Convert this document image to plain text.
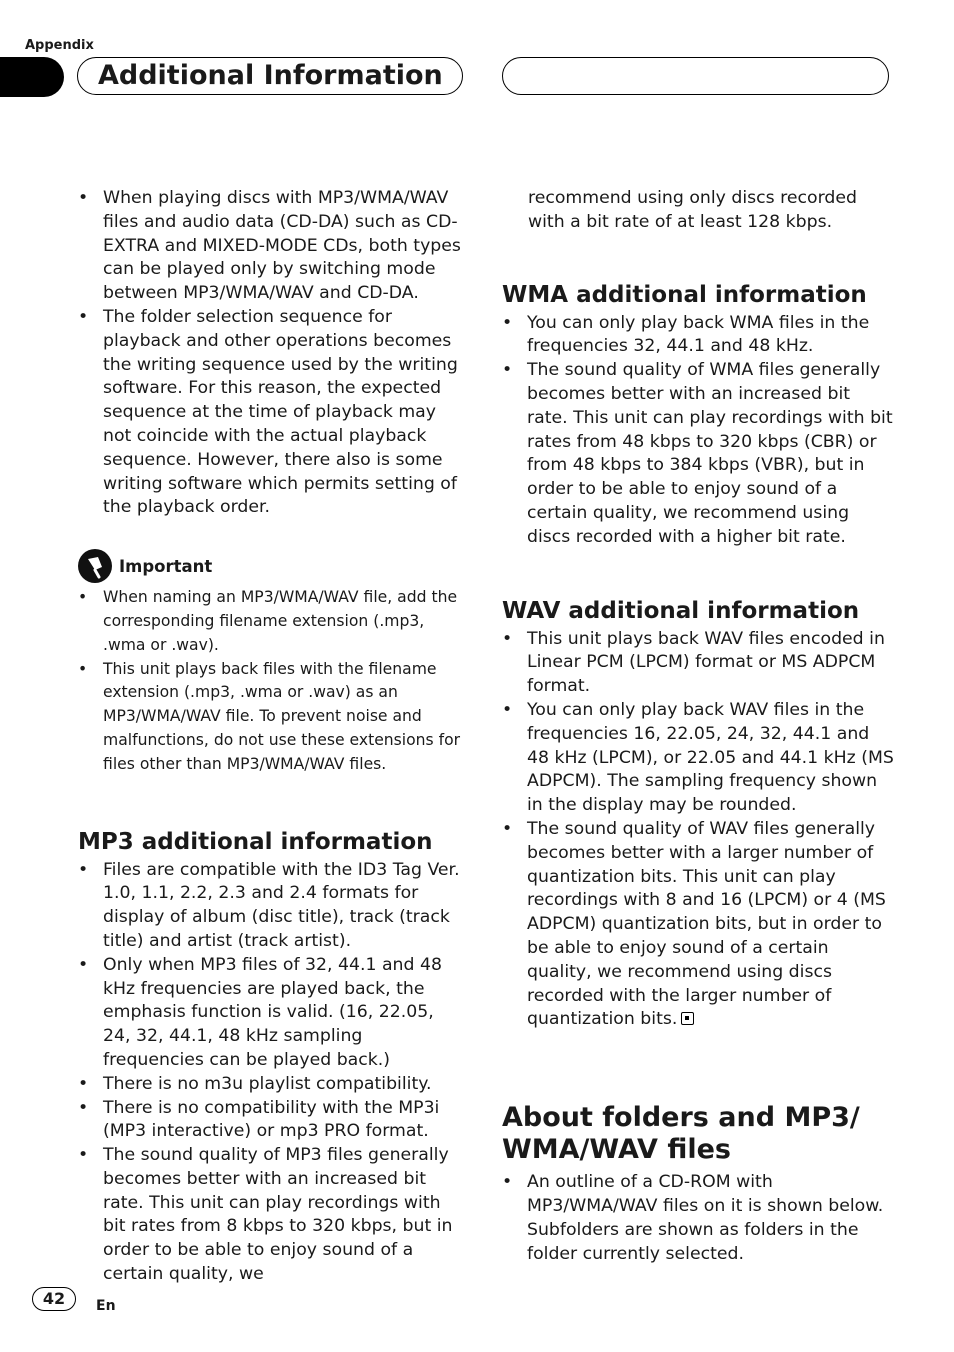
Appendix
Additional Information
• When playing discs with MP3/WMA/WAV files and audio data (CD-DA) such as CD-EXTRA and MIXED-MODE CDs, both types can be played only by switching mode between MP3/WMA/WAV and CD-DA.
• The folder selection sequence for playback and other operations becomes the writing sequence used by the writing software. For this reason, the expected sequence at the time of playback may not coincide with the actual playback sequence. However, there also is some writing software which permits setting of the playback order.
Important
• When naming an MP3/WMA/WAV file, add the corresponding filename extension (.mp3, .wma or .wav).
• This unit plays back files with the filename extension (.mp3, .wma or .wav) as an MP3/WMA/WAV file. To prevent noise and malfunctions, do not use these extensions for files other than MP3/WMA/WAV files.
MP3 additional information
• Files are compatible with the ID3 Tag Ver. 1.0, 1.1, 2.2, 2.3 and 2.4 formats for display of album (disc title), track (track title) and artist (track artist).
• Only when MP3 files of 32, 44.1 and 48 kHz frequencies are played back, the emphasis function is valid. (16, 22.05, 24, 32, 44.1, 48 kHz sampling frequencies can be played back.)
• There is no m3u playlist compatibility.
• There is no compatibility with the MP3i (MP3 interactive) or mp3 PRO format.
• The sound quality of MP3 files generally becomes better with an increased bit rate. This unit can play recordings with bit rates from 8 kbps to 320 kbps, but in order to be able to enjoy sound of a certain quality, we

recommend using only discs recorded with a bit rate of at least 128 kbps.

WMA additional information
• You can only play back WMA files in the frequencies 32, 44.1 and 48 kHz.
• The sound quality of WMA files generally becomes better with an increased bit rate. This unit can play recordings with bit rates from 48 kbps to 320 kbps (CBR) or from 48 kbps to 384 kbps (VBR), but in order to be able to enjoy sound of a certain quality, we recommend using discs recorded with a higher bit rate.
WAV additional information
• This unit plays back WAV files encoded in Linear PCM (LPCM) format or MS ADPCM format.
• You can only play back WAV files in the frequencies 16, 22.05, 24, 32, 44.1 and 48 kHz (LPCM), or 22.05 and 44.1 kHz (MS ADPCM). The sampling frequency shown in the display may be rounded.
• The sound quality of WAV files generally becomes better with a larger number of quantization bits. This unit can play recordings with 8 and 16 (LPCM) or 4 (MS ADPCM) quantization bits, but in order to be able to enjoy sound of a certain quality, we recommend using discs recorded with the larger number of quantization bits.
About folders and MP3/
WMA/WAV files
• An outline of a CD-ROM with MP3/WMA/WAV files on it is shown below. Subfolders are shown as folders in the folder currently selected.
42	En
